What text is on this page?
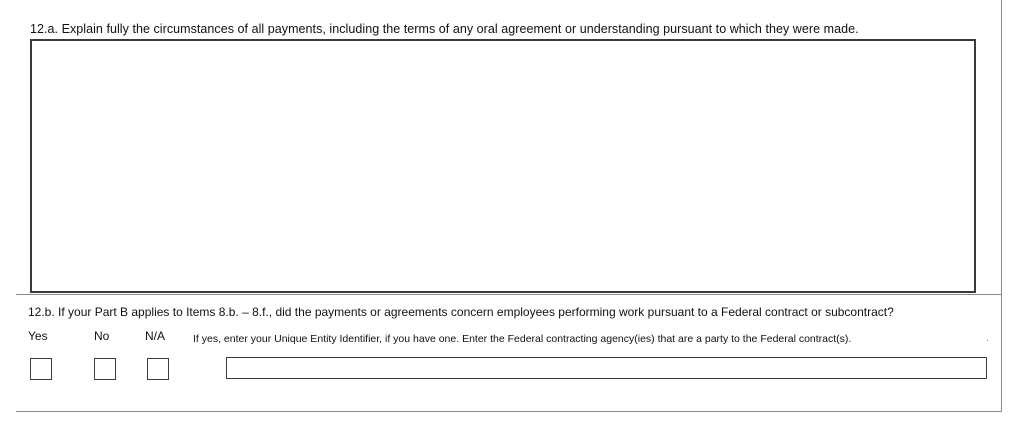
12.a. Explain fully the circumstances of all payments, including the terms of any oral agreement or understanding pursuant to which they were made.
12.b. If your Part B applies to Items 8.b. – 8.f., did the payments or agreements concern employees performing work pursuant to a Federal contract or subcontract?
Yes	No	N/A	If yes, enter your Unique Entity Identifier, if you have one. Enter the Federal contracting agency(ies) that are a party to the Federal contract(s).	.
